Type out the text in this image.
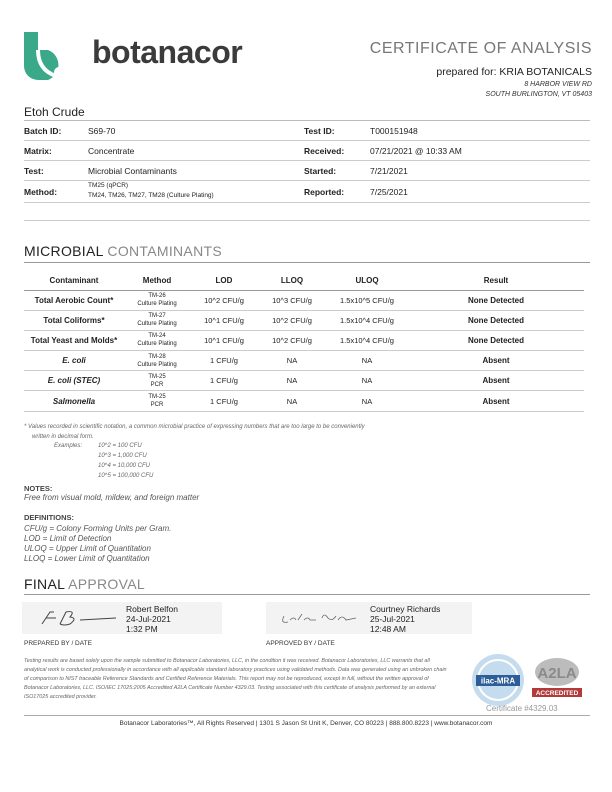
botanacor	CERTIFICATE OF ANALYSIS
prepared for: KRIA BOTANICALS
8 HARBOR VIEW RD
SOUTH BURLINGTON, VT 05403
Etoh Crude
Batch ID:	S69-70	Test ID:	T000151948
Matrix:	Concentrate	Received:	07/21/2021 @ 10:33 AM
Test:	Microbial Contaminants	Started:	7/21/2021
Method:
TM25 (qPCR)
TM24, TM26, TM27, TM28 (Culture Plating)	Reported:	7/25/2021
MICROBIAL CONTAMINANTS
Contaminant	Method	LOD	LLOQ	ULOQ	Result
Total Aerobic Count*	TM-26
Culture Plating	10^2 CFU/g	10^3 CFU/g	1.5x10^5 CFU/g	None Detected
Total Coliforms*	TM-27
Culture Plating	10^1 CFU/g	10^2 CFU/g	1.5x10^4 CFU/g	None Detected
Total Yeast and Molds*	TM-24
Culture Plating	10^1 CFU/g	10^2 CFU/g	1.5x10^4 CFU/g	None Detected
E. coli	TM-28
Culture Plating	1 CFU/g	NA	NA	Absent
E. coli (STEC)	TM-25
PCR	1 CFU/g	NA	NA	Absent
Salmonella	TM-25
PCR	1 CFU/g	NA	NA	Absent
* Values recorded in scientific notation, a common microbial practice of expressing numbers that are too large to be conveniently
written in decimal form.
Examples:	10^2 = 100 CFU
10^3 = 1,000 CFU
10^4 = 10,000 CFU
10^5 = 100,000 CFU
NOTES:
Free from visual mold, mildew, and foreign matter
DEFINITIONS:
CFU/g = Colony Forming Units per Gram.
LOD = Limit of Detection
ULOQ = Upper Limit of Quantitation
LLOQ = Lower Limit of Quantitation
FINAL APPROVAL
Robert Belfon
24-Jul-2021
1:32 PM
PREPARED BY / DATE
Courtney Richards
25-Jul-2021
12:48 AM
APPROVED BY / DATE
Testing results are based solely upon the sample submitted to Botanacor Laboratories, LLC, in the condition it was received. Botanacor Laboratories, LLC warrants that all analytical work is conducted professionally in accordance with all applicable standard laboratory practices using validated methods. Data was generated using an unbroken chain of comparison to NIST traceable Reference Standards and Certified Reference Materials. This report may not be reproduced, except in full, without the written approval of Botanacor Laboratories, LLC. ISO/IEC 17025:2005 Accredited A2LA Certificate Number 4329.03. Testing associated with this certificate of analysis performed by an external ISO17025 accredited provider.
ilac-MRA A2LA
ACCREDITED
Certificate #4329.03
Botanacor Laboratories™, All Rights Reserved | 1301 S Jason St Unit K, Denver, CO 80223 | 888.800.8223 | www.botanacor.com
